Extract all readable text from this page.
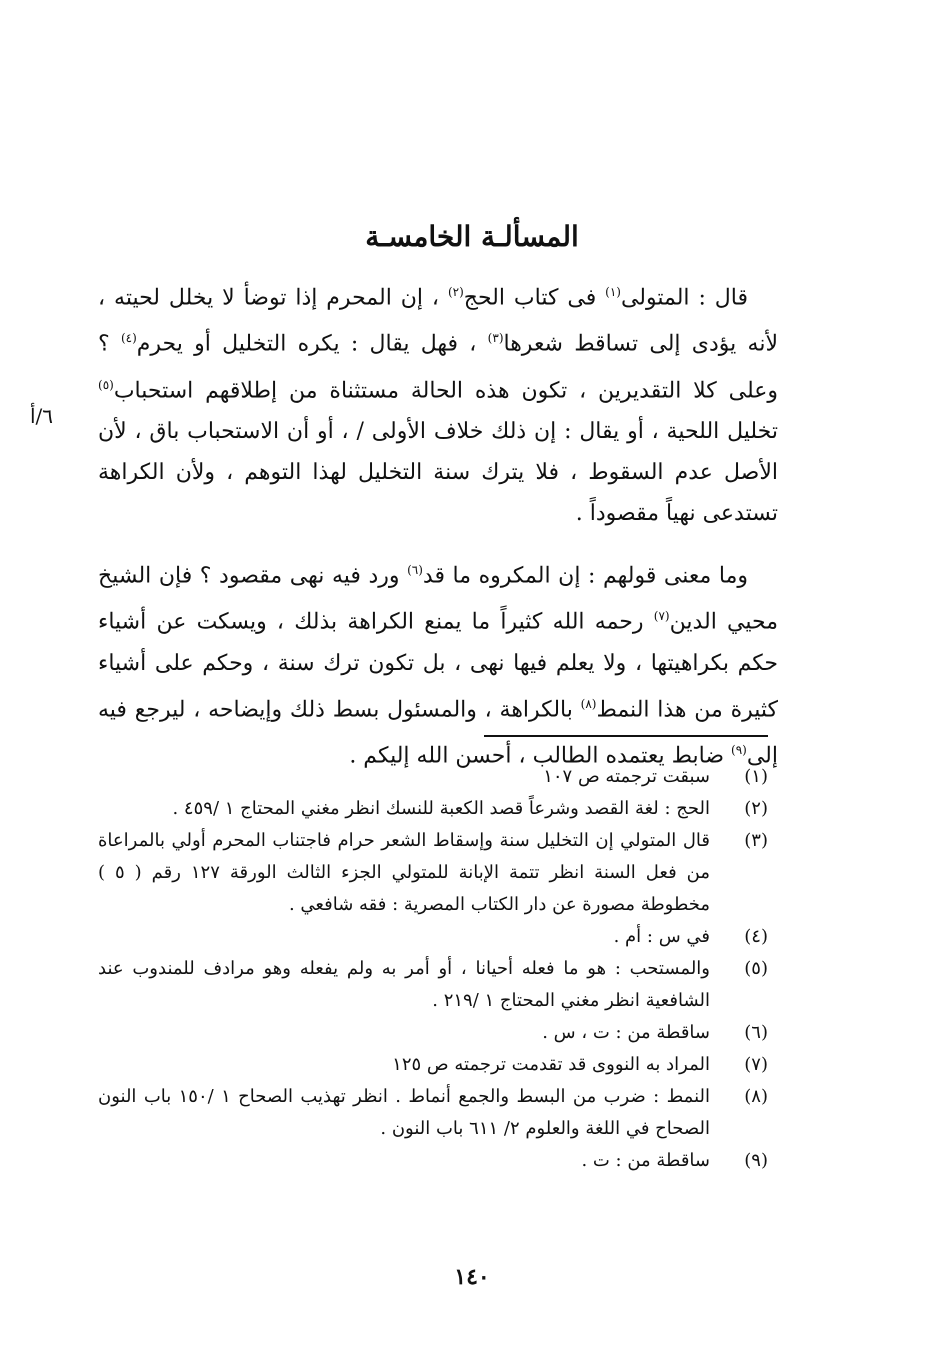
المسألـة الخامسـة
٦/أ

قال : المتولى$^{(١)}$ فى كتاب الحج$^{(٢)}$ ، إن المحرم إذا توضأ لا يخلل لحيته ، لأنه يؤدى إلى تساقط شعرها$^{(٣)}$ ، فهل يقال : يكره التخليل أو يحرم$^{(٤)}$ ؟ وعلى كلا التقديرين ، تكون هذه الحالة مستثناة من إطلاقهم استحباب$^{(٥)}$ تخليل اللحية ، أو يقال : إن ذلك خلاف الأولى / ، أو أن الاستحباب باق ، لأن الأصل عدم السقوط ، فلا يترك سنة التخليل لهذا التوهم ، ولأن الكراهة تستدعى نهياً مقصوداً .

وما معنى قولهم : إن المكروه ما قد$^{(٦)}$ ورد فيه نهى مقصود ؟ فإن الشيخ محيي الدين$^{(٧)}$ رحمه الله كثيراً ما يمنع الكراهة بذلك ، ويسكت عن أشياء حكم بكراهيتها ، ولا يعلم فيها نهى ، بل تكون ترك سنة ، وحكم على أشياء كثيرة من هذا النمط$^{(٨)}$ بالكراهة ، والمسئول بسط ذلك وإيضاحه ، ليرجع فيه إلى$^{(٩)}$ ضابط يعتمده الطالب ، أحسن الله إليكم .

(١)
سبقت ترجمته ص ١٠٧
(٢)
الحج : لغة القصد وشرعاً قصد الكعبة للنسك انظر مغني المحتاج ١ /٤٥٩ .
(٣)
قال المتولي إن التخليل سنة وإسقاط الشعر حرام فاجتناب المحرم أولي بالمراعاة من فعل السنة انظر تتمة الإبانة للمتولي الجزء الثالث الورقة ١٢٧ رقم ( ٥ ) مخطوطة مصورة عن دار الكتاب المصرية : فقه شافعي .
(٤)
في س : أم .
(٥)
والمستحب : هو ما فعله أحيانا ، أو أمر به ولم يفعله وهو مرادف للمندوب عند الشافعية انظر مغني المحتاج ١ /٢١٩ .
(٦)
ساقطة من : ت ، س .
(٧)
المراد به النووى قد تقدمت ترجمته ص ١٢٥
(٨)
النمط : ضرب من البسط والجمع أنماط . انظر تهذيب الصحاح ١ /١٥٠ باب النون الصحاح في اللغة والعلوم ٢/ ٦١١ باب النون .
(٩)
ساقطة من : ت .
١٤٠
